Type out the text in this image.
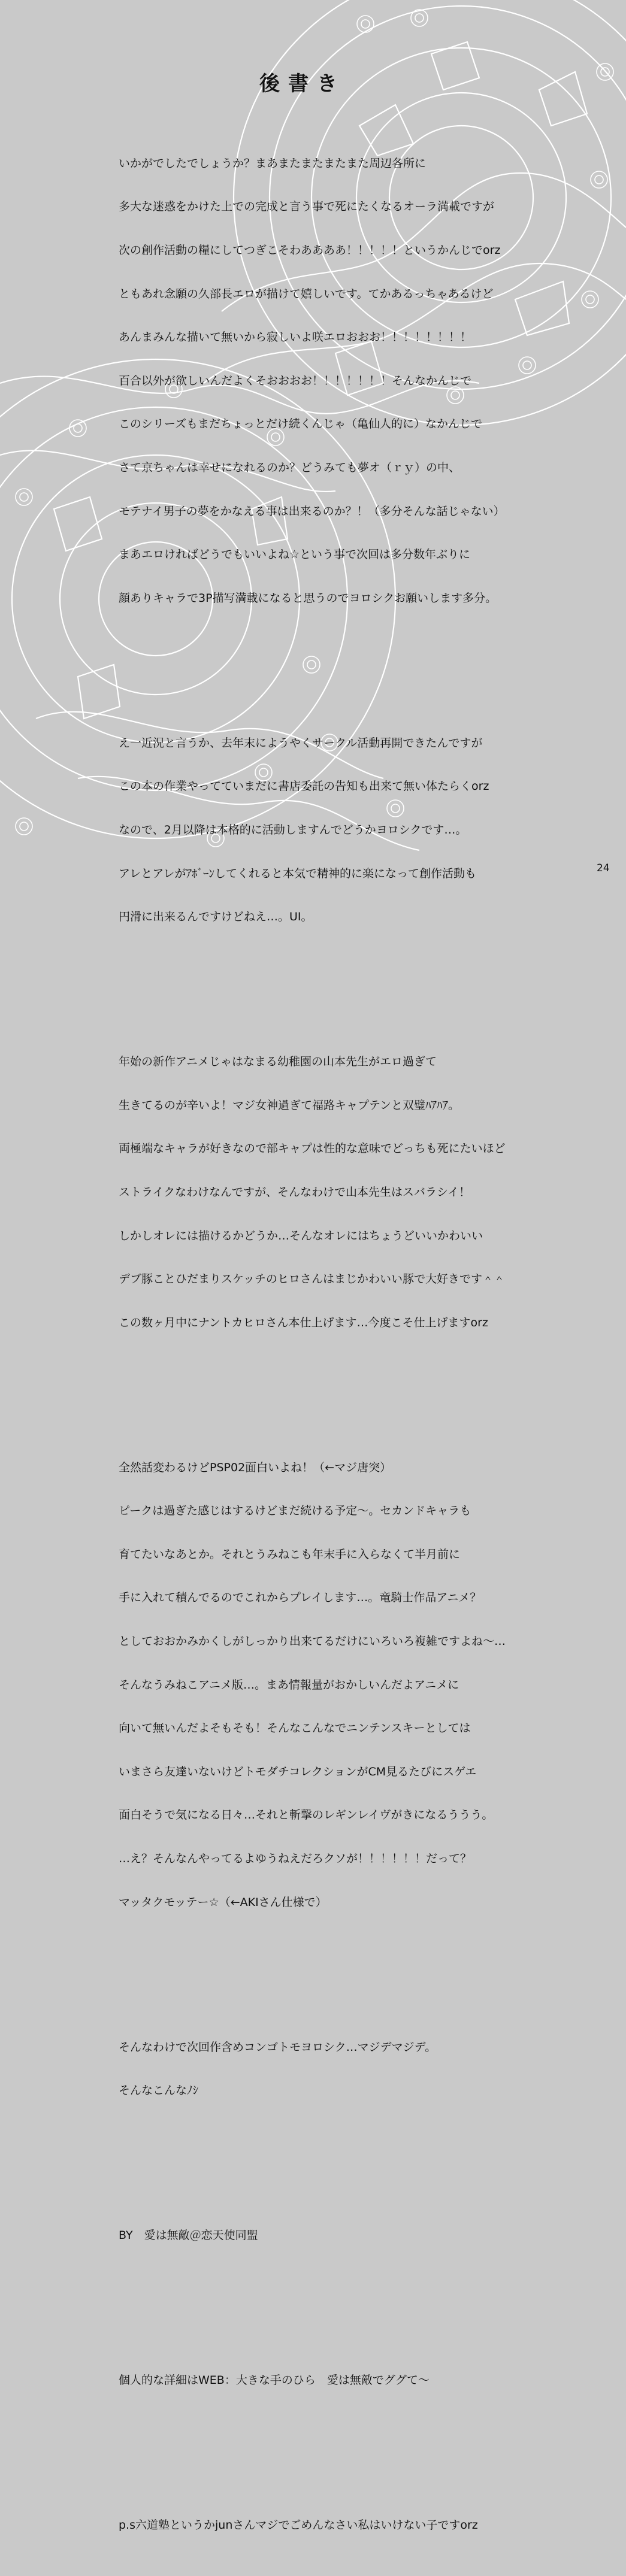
後書き

いかがでしたでしょうか？まあまたまたまたまた周辺各所に

多大な迷惑をかけた上での完成と言う事で死にたくなるオーラ満載ですが

次の創作活動の糧にしてつぎこそわああああ！！！！！というかんじでorz

ともあれ念願の久部長エロが描けて嬉しいです。てかあるっちゃあるけど

あんまみんな描いて無いから寂しいよ咲エロおおお！！！！！！！！

百合以外が欲しいんだよくそおおおお！！！！！！！そんなかんじで

このシリーズもまだちょっとだけ続くんじゃ（亀仙人的に）なかんじで

さて京ちゃんは幸せになれるのか？どうみても夢オ（ｒｙ）の中、

モテナイ男子の夢をかなえる事は出来るのか？！（多分そんな話じゃない）

まあエロければどうでもいいよね☆という事で次回は多分数年ぶりに

顔ありキャラで3P描写満載になると思うのでヨロシクお願いします多分。

え一近況と言うか、去年末にようやくサークル活動再開できたんですが

この本の作業やってていまだに書店委託の告知も出来て無い体たらくorz

なので、2月以降は本格的に活動しますんでどうかヨロシクです…。

アレとアレがｱﾎﾞｰﾝしてくれると本気で精神的に楽になって創作活動も

円滑に出来るんですけどねえ…。UI。

年始の新作アニメじゃはなまる幼稚園の山本先生がエロ過ぎて

生きてるのが辛いよ！マジ女神過ぎて福路キャプテンと双璧ﾊｱﾊｱ。

両極端なキャラが好きなので部キャプは性的な意味でどっちも死にたいほど

ストライクなわけなんですが、そんなわけで山本先生はスバラシイ！

しかしオレには描けるかどうか…そんなオレにはちょうどいいかわいい

デブ豚ことひだまりスケッチのヒロさんはまじかわいい豚で大好きです＾＾

この数ヶ月中にナントカヒロさん本仕上げます…今度こそ仕上げますorz

全然話変わるけどPSP02面白いよね！（←マジ唐突）

ピークは過ぎた感じはするけどまだ続ける予定～。セカンドキャラも

育てたいなあとか。それとうみねこも年末手に入らなくて半月前に

手に入れて積んでるのでこれからプレイします…。竜騎士作品アニメ？

としておおかみかくしがしっかり出来てるだけにいろいろ複雑ですよね～…

そんなうみねこアニメ版…。まあ情報量がおかしいんだよアニメに

向いて無いんだよそもそも！そんなこんなでニンテンスキーとしては

いまさら友達いないけどトモダチコレクションがCM見るたびにスゲエ

面白そうで気になる日々…それと斬撃のレギンレイヴがきになるううう。

…え？そんなんやってるよゆうねえだろクソが！！！！！！だって？

マッタクモッテー☆（←AKIさん仕様で）

そんなわけで次回作含めコンゴトモヨロシク…マジデマジデ。

そんなこんなﾉｼ

BY　愛は無敵＠恋天使同盟

個人的な詳細はWEB：大きな手のひら　愛は無敵でググて～

p.s六道塾というかjunさんマジでごめんなさい私はいけない子ですorz

24
